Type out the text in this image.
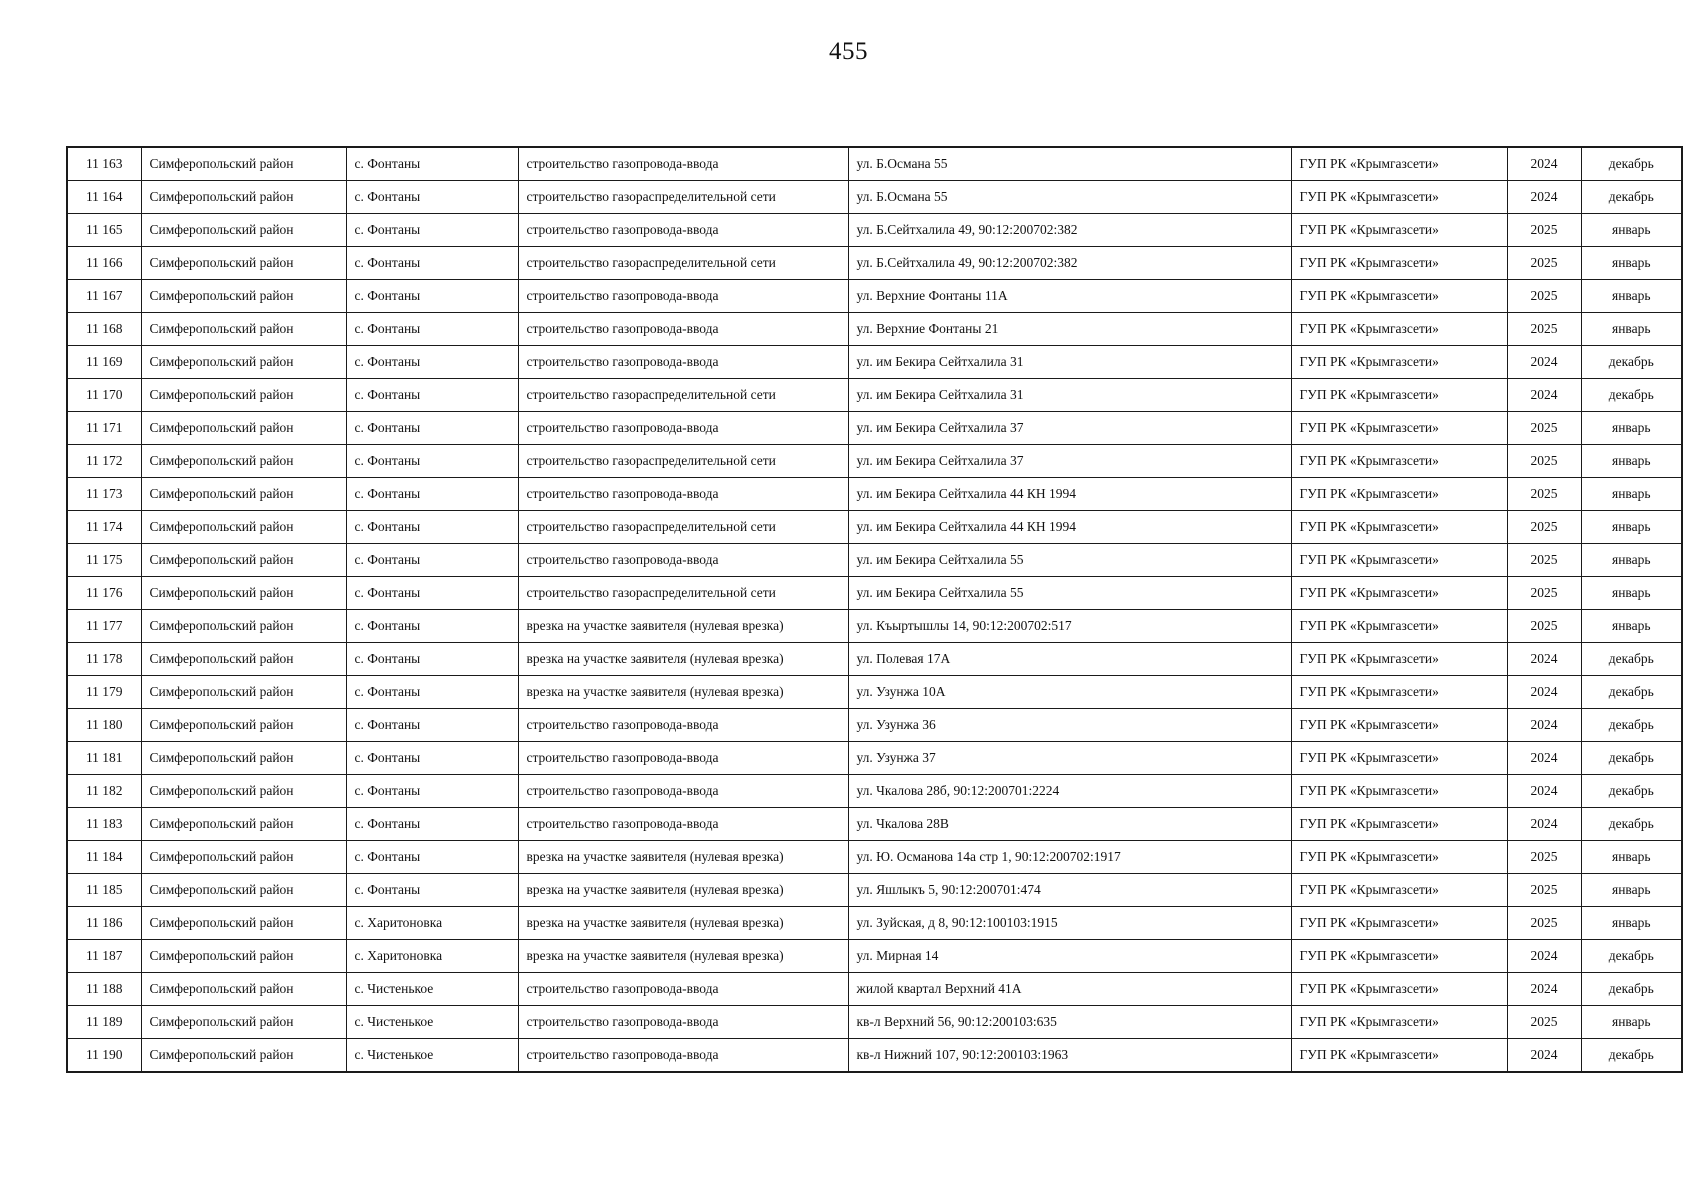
455
11 163	Симферопольский район	с. Фонтаны	строительство газопровода-ввода	ул. Б.Османа 55	ГУП РК «Крымгазсети»	2024	декабрь
11 164	Симферопольский район	с. Фонтаны	строительство газораспределительной сети	ул. Б.Османа 55	ГУП РК «Крымгазсети»	2024	декабрь
11 165	Симферопольский район	с. Фонтаны	строительство газопровода-ввода	ул. Б.Сейтхалила 49, 90:12:200702:382	ГУП РК «Крымгазсети»	2025	январь
11 166	Симферопольский район	с. Фонтаны	строительство газораспределительной сети	ул. Б.Сейтхалила 49, 90:12:200702:382	ГУП РК «Крымгазсети»	2025	январь
11 167	Симферопольский район	с. Фонтаны	строительство газопровода-ввода	ул. Верхние Фонтаны 11А	ГУП РК «Крымгазсети»	2025	январь
11 168	Симферопольский район	с. Фонтаны	строительство газопровода-ввода	ул. Верхние Фонтаны 21	ГУП РК «Крымгазсети»	2025	январь
11 169	Симферопольский район	с. Фонтаны	строительство газопровода-ввода	ул. им Бекира Сейтхалила 31	ГУП РК «Крымгазсети»	2024	декабрь
11 170	Симферопольский район	с. Фонтаны	строительство газораспределительной сети	ул. им Бекира Сейтхалила 31	ГУП РК «Крымгазсети»	2024	декабрь
11 171	Симферопольский район	с. Фонтаны	строительство газопровода-ввода	ул. им Бекира Сейтхалила 37	ГУП РК «Крымгазсети»	2025	январь
11 172	Симферопольский район	с. Фонтаны	строительство газораспределительной сети	ул. им Бекира Сейтхалила 37	ГУП РК «Крымгазсети»	2025	январь
11 173	Симферопольский район	с. Фонтаны	строительство газопровода-ввода	ул. им Бекира Сейтхалила 44 КН 1994	ГУП РК «Крымгазсети»	2025	январь
11 174	Симферопольский район	с. Фонтаны	строительство газораспределительной сети	ул. им Бекира Сейтхалила 44 КН 1994	ГУП РК «Крымгазсети»	2025	январь
11 175	Симферопольский район	с. Фонтаны	строительство газопровода-ввода	ул. им Бекира Сейтхалила 55	ГУП РК «Крымгазсети»	2025	январь
11 176	Симферопольский район	с. Фонтаны	строительство газораспределительной сети	ул. им Бекира Сейтхалила 55	ГУП РК «Крымгазсети»	2025	январь
11 177	Симферопольский район	с. Фонтаны	врезка на участке заявителя (нулевая врезка)	ул. Къыртышлы 14, 90:12:200702:517	ГУП РК «Крымгазсети»	2025	январь
11 178	Симферопольский район	с. Фонтаны	врезка на участке заявителя (нулевая врезка)	ул. Полевая 17А	ГУП РК «Крымгазсети»	2024	декабрь
11 179	Симферопольский район	с. Фонтаны	врезка на участке заявителя (нулевая врезка)	ул. Узунжа 10А	ГУП РК «Крымгазсети»	2024	декабрь
11 180	Симферопольский район	с. Фонтаны	строительство газопровода-ввода	ул. Узунжа 36	ГУП РК «Крымгазсети»	2024	декабрь
11 181	Симферопольский район	с. Фонтаны	строительство газопровода-ввода	ул. Узунжа 37	ГУП РК «Крымгазсети»	2024	декабрь
11 182	Симферопольский район	с. Фонтаны	строительство газопровода-ввода	ул. Чкалова 28б, 90:12:200701:2224	ГУП РК «Крымгазсети»	2024	декабрь
11 183	Симферопольский район	с. Фонтаны	строительство газопровода-ввода	ул. Чкалова 28В	ГУП РК «Крымгазсети»	2024	декабрь
11 184	Симферопольский район	с. Фонтаны	врезка на участке заявителя (нулевая врезка)	ул. Ю. Османова 14а стр 1, 90:12:200702:1917	ГУП РК «Крымгазсети»	2025	январь
11 185	Симферопольский район	с. Фонтаны	врезка на участке заявителя (нулевая врезка)	ул. Яшлыкъ 5, 90:12:200701:474	ГУП РК «Крымгазсети»	2025	январь
11 186	Симферопольский район	с. Харитоновка	врезка на участке заявителя (нулевая врезка)	ул. Зуйская, д 8, 90:12:100103:1915	ГУП РК «Крымгазсети»	2025	январь
11 187	Симферопольский район	с. Харитоновка	врезка на участке заявителя (нулевая врезка)	ул. Мирная 14	ГУП РК «Крымгазсети»	2024	декабрь
11 188	Симферопольский район	с. Чистенькое	строительство газопровода-ввода	жилой квартал Верхний 41А	ГУП РК «Крымгазсети»	2024	декабрь
11 189	Симферопольский район	с. Чистенькое	строительство газопровода-ввода	кв-л Верхний 56, 90:12:200103:635	ГУП РК «Крымгазсети»	2025	январь
11 190	Симферопольский район	с. Чистенькое	строительство газопровода-ввода	кв-л Нижний 107, 90:12:200103:1963	ГУП РК «Крымгазсети»	2024	декабрь
